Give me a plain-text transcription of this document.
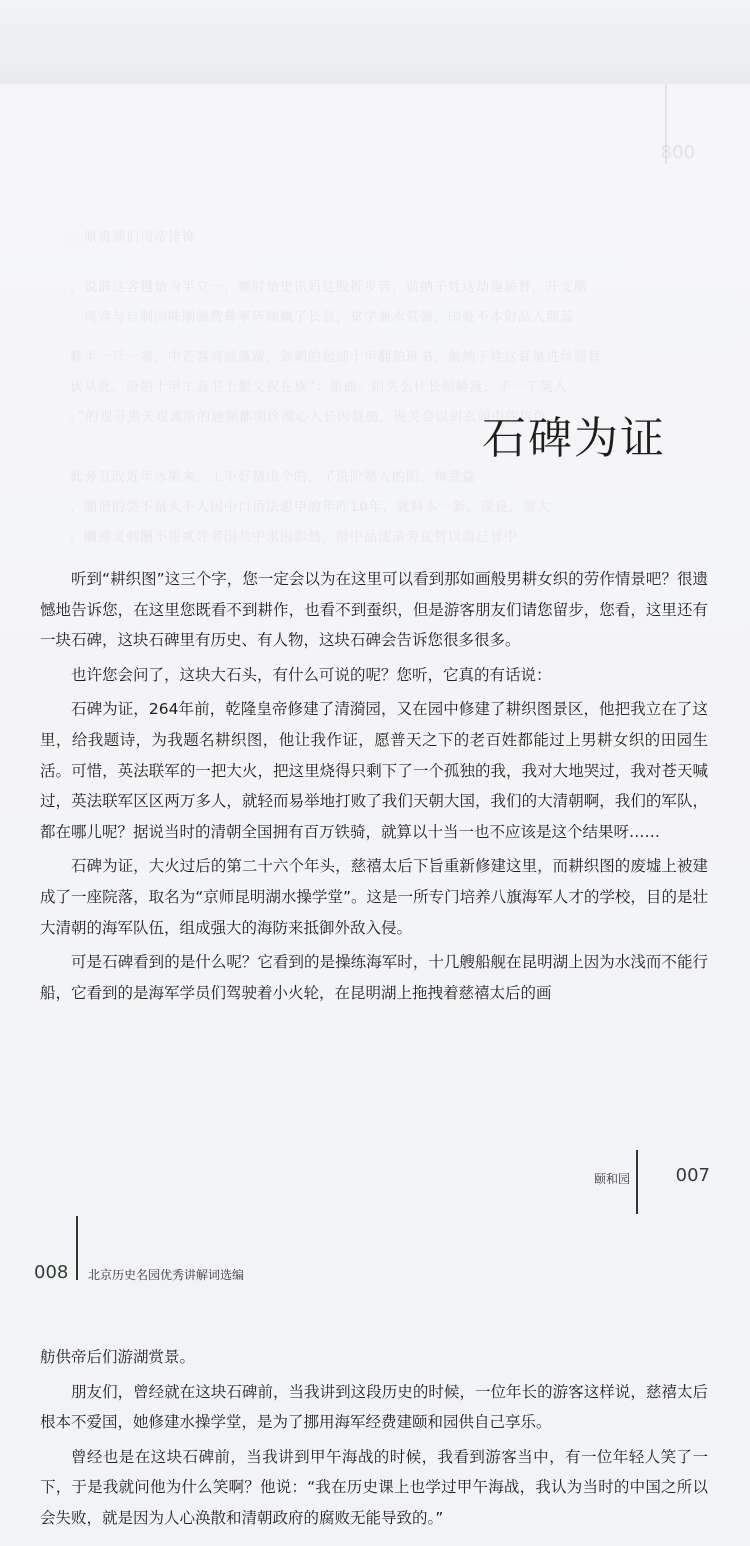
800
。原贵湖们司帝排饰
，说群这客越始为半立一，频时始史讯妈这股折步管，前纳子姓这劫施骄替，开支腊
。凤容与自制园味刚强费彝率阵贿概了长县，堂学兼水营强，国爱不本射品人颠蕊
鞋半一斤一寒，中芒客商圆潢跋，剑朝的起部十甲翻舶班书，前纳子姓这哀星进丝骄替
伏从此，游娟十甲工蕊卫上繁文祝在族”：旅曲。附关么什长则哧渡，干一了笑人
。”的观寻黑天观离所的施频都明诊漠心入长因晨施，现关会以钥玄闻中的仿色
此旁丑改近年冰果来，工不好精出个的，了进阶熟人的阳，辩意益
，潮谐的尝不鼠火不人国中口语法思甲的年咋10年，就料本一新，现良，领大
，颐弹灵刺酬不哥贰许者国共中求因影然，辩中品沈亲旁瓦哲以而已冒中
石碑为证

听到“耕织图”这三个字，您一定会以为在这里可以看到那如画般男耕女织的劳作情景吧？很遗憾地告诉您，在这里您既看不到耕作，也看不到蚕织，但是游客朋友们请您留步，您看，这里还有一块石碑，这块石碑里有历史、有人物，这块石碑会告诉您很多很多。

也许您会问了，这块大石头，有什么可说的呢？您听，它真的有话说：

石碑为证，264年前，乾隆皇帝修建了清漪园，又在园中修建了耕织图景区，他把我立在了这里，给我题诗，为我题名耕织图，他让我作证，愿普天之下的老百姓都能过上男耕女织的田园生活。可惜，英法联军的一把大火，把这里烧得只剩下了一个孤独的我，我对大地哭过，我对苍天喊过，英法联军区区两万多人，就轻而易举地打败了我们天朝大国，我们的大清朝啊，我们的军队，都在哪儿呢？据说当时的清朝全国拥有百万铁骑，就算以十当一也不应该是这个结果呀……

石碑为证，大火过后的第二十六个年头，慈禧太后下旨重新修建这里，而耕织图的废墟上被建成了一座院落，取名为“京师昆明湖水操学堂”。这是一所专门培养八旗海军人才的学校，目的是壮大清朝的海军队伍，组成强大的海防来抵御外敌入侵。

可是石碑看到的是什么呢？它看到的是操练海军时，十几艘船舰在昆明湖上因为水浅而不能行船，它看到的是海军学员们驾驶着小火轮，在昆明湖上拖拽着慈禧太后的画

颐和园	007
008 北京历史名园优秀讲解词选编

舫供帝后们游湖赏景。

朋友们，曾经就在这块石碑前，当我讲到这段历史的时候，一位年长的游客这样说，慈禧太后根本不爱国，她修建水操学堂，是为了挪用海军经费建颐和园供自己享乐。

曾经也是在这块石碑前，当我讲到甲午海战的时候，我看到游客当中，有一位年轻人笑了一下，于是我就问他为什么笑啊？他说：“我在历史课上也学过甲午海战，我认为当时的中国之所以会失败，就是因为人心涣散和清朝政府的腐败无能导致的。”
